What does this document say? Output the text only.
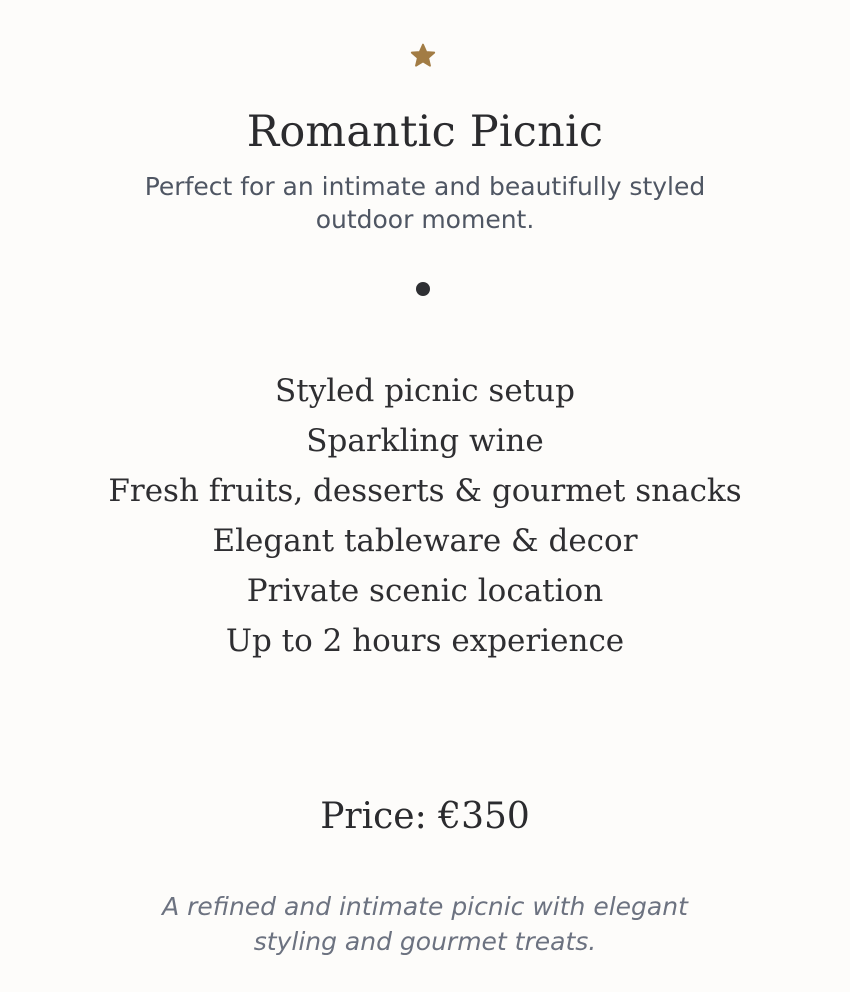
Romantic Picnic

Perfect for an intimate and beautifully styled outdoor moment.

Styled picnic setup
Sparkling wine
Fresh fruits, desserts & gourmet snacks
Elegant tableware & decor
Private scenic location
Up to 2 hours experience

Price: €350

A refined and intimate picnic with elegant styling and gourmet treats.
